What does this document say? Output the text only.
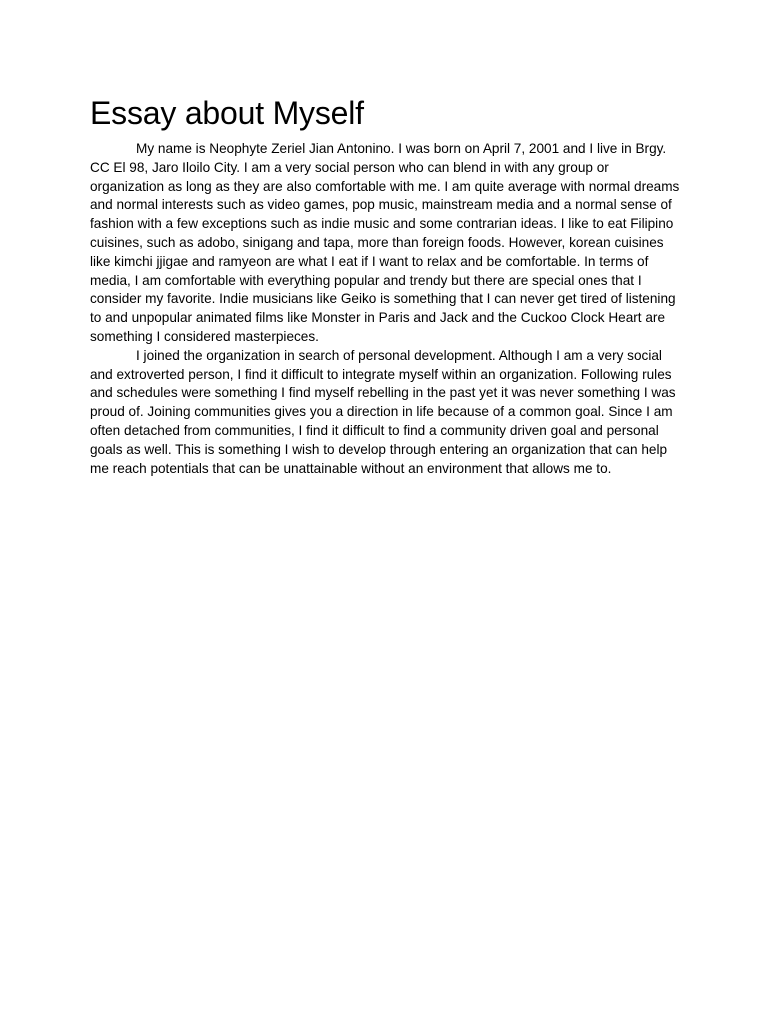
Essay about Myself

My name is Neophyte Zeriel Jian Antonino. I was born on April 7, 2001 and I live in Brgy. CC El 98, Jaro Iloilo City. I am a very social person who can blend in with any group or organization as long as they are also comfortable with me. I am quite average with normal dreams and normal interests such as video games, pop music, mainstream media and a normal sense of fashion with a few exceptions such as indie music and some contrarian ideas. I like to eat Filipino cuisines, such as adobo, sinigang and tapa, more than foreign foods. However, korean cuisines like kimchi jjigae and ramyeon are what I eat if I want to relax and be comfortable. In terms of media, I am comfortable with everything popular and trendy but there are special ones that I consider my favorite. Indie musicians like Geiko is something that I can never get tired of listening to and unpopular animated films like Monster in Paris and Jack and the Cuckoo Clock Heart are something I considered masterpieces.

I joined the organization in search of personal development. Although I am a very social and extroverted person, I find it difficult to integrate myself within an organization. Following rules and schedules were something I find myself rebelling in the past yet it was never something I was proud of. Joining communities gives you a direction in life because of a common goal. Since I am often detached from communities, I find it difficult to find a community driven goal and personal goals as well. This is something I wish to develop through entering an organization that can help me reach potentials that can be unattainable without an environment that allows me to.
